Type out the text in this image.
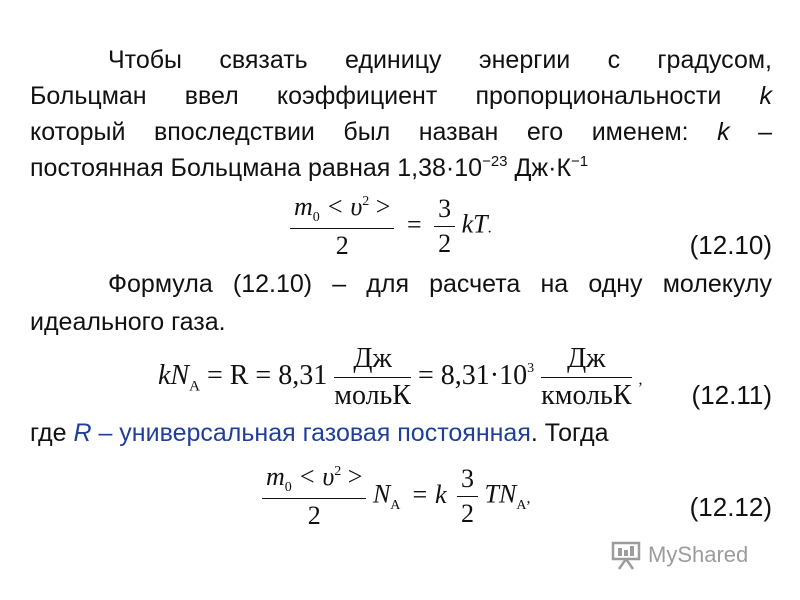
Чтобы связать единицу энергии с градусом,

Больцман ввел коэффициент пропорциональности k

который впоследствии был назван его именем: k –

постоянная Больцмана равная $1,38\cdot 10^{-23}$ $Дж\cdot К^{-1}$

$\frac{m_0 < \upsilon^2 >}{2} = \frac{3}{2}$ kT.
(12.10)

Формула (12.10) – для расчета на одну молекулу

идеального газа.

$kN_A = R = 8,31 \frac{Дж}{\text{мольК}} = 8,31\cdot 10^3 \frac{Дж}{\text{кмольК}}$ ,
(12.11)

где R – универсальная газовая постоянная. Тогда

$\frac{m_0 < \upsilon^2 >}{2} N_A = k \frac{3}{2} TN_A$,	(12.12)
MyShared
